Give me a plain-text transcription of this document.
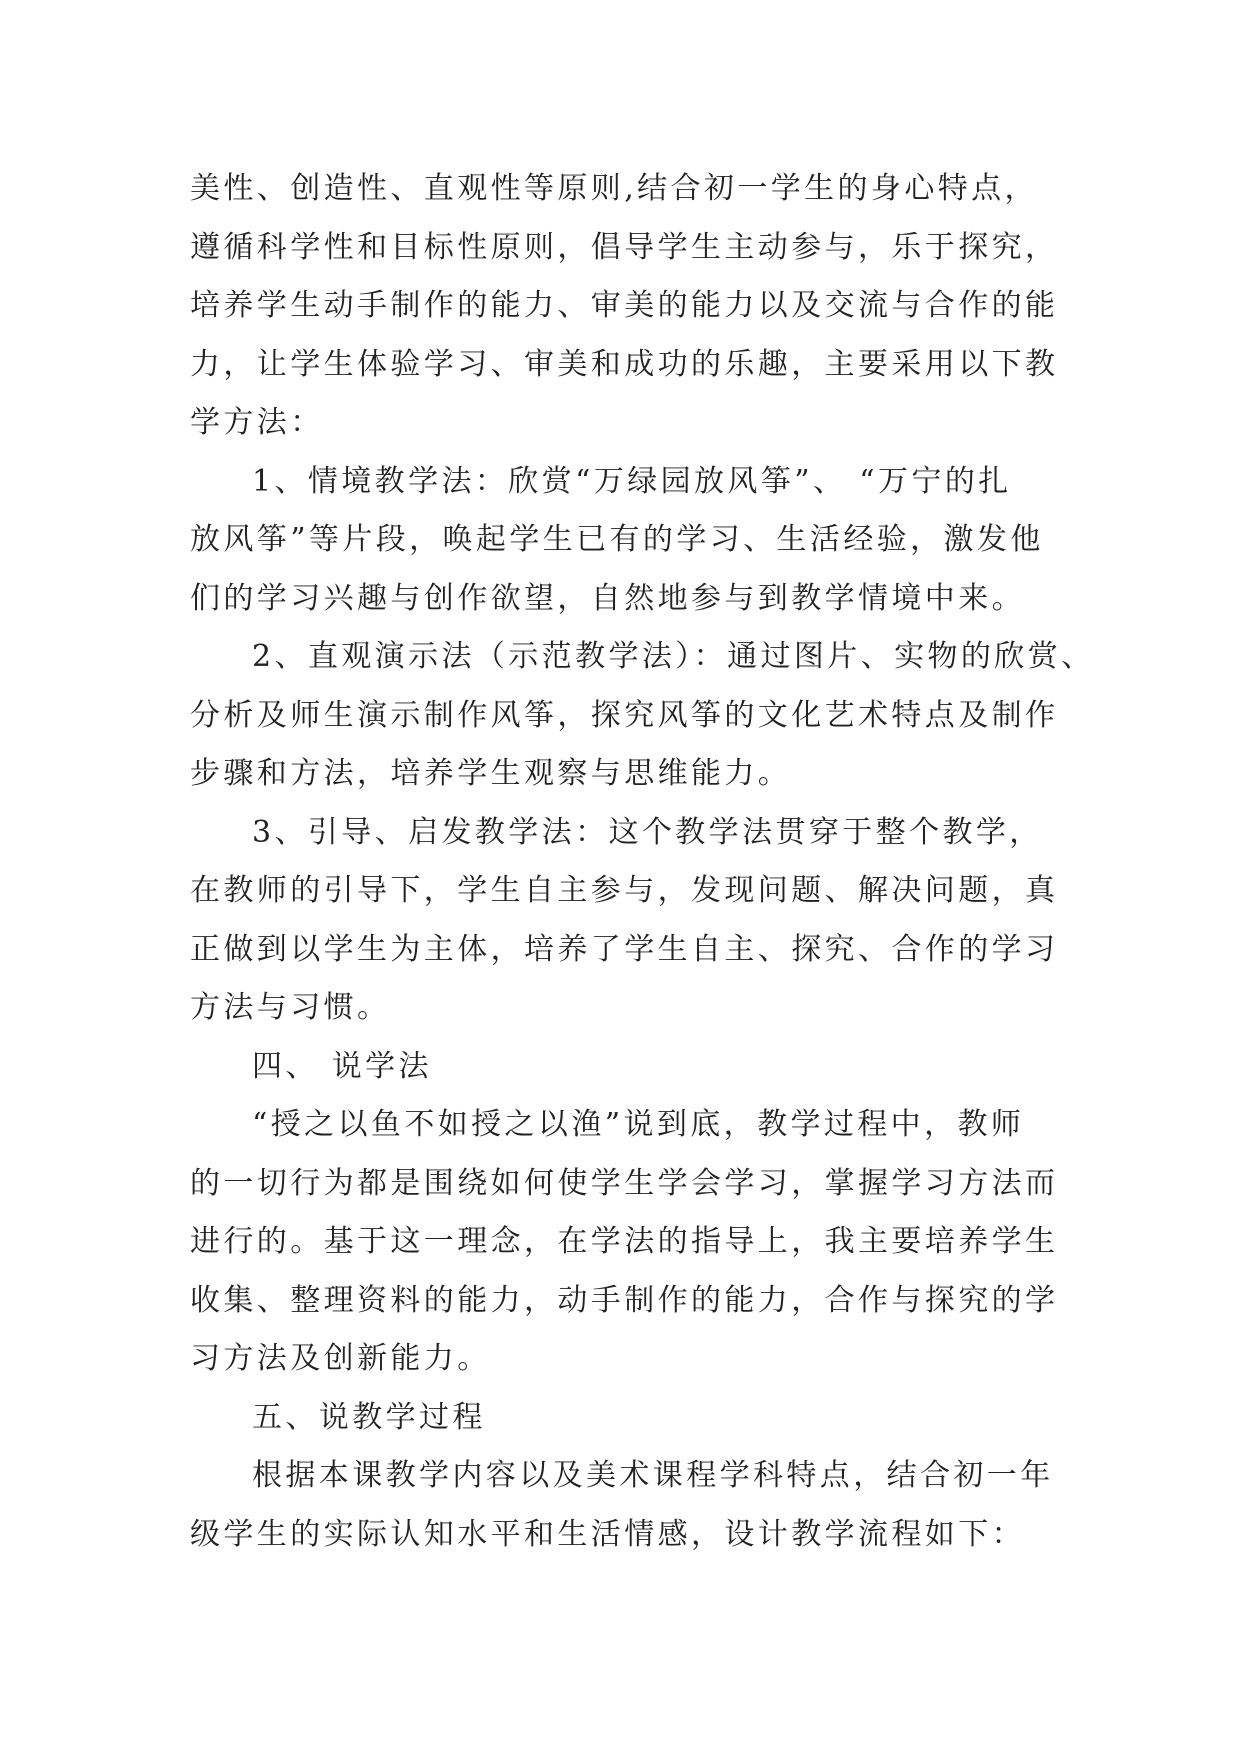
美性、创造性、直观性等原则,结合初一学生的身心特点，
遵循科学性和目标性原则，倡导学生主动参与，乐于探究，
培养学生动手制作的能力、审美的能力以及交流与合作的能
力，让学生体验学习、审美和成功的乐趣，主要采用以下教
学方法：
1、情境教学法：欣赏“万绿园放风筝”、 “万宁的扎
放风筝”等片段，唤起学生已有的学习、生活经验，激发他
们的学习兴趣与创作欲望，自然地参与到教学情境中来。
2、直观演示法（示范教学法）：通过图片、实物的欣赏、
分析及师生演示制作风筝，探究风筝的文化艺术特点及制作
步骤和方法，培养学生观察与思维能力。
3、引导、启发教学法：这个教学法贯穿于整个教学，
在教师的引导下，学生自主参与，发现问题、解决问题，真
正做到以学生为主体，培养了学生自主、探究、合作的学习
方法与习惯。
四、 说学法
“授之以鱼不如授之以渔”说到底，教学过程中，教师
的一切行为都是围绕如何使学生学会学习，掌握学习方法而
进行的。基于这一理念，在学法的指导上，我主要培养学生
收集、整理资料的能力，动手制作的能力，合作与探究的学
习方法及创新能力。
五、说教学过程
根据本课教学内容以及美术课程学科特点，结合初一年
级学生的实际认知水平和生活情感，设计教学流程如下：
